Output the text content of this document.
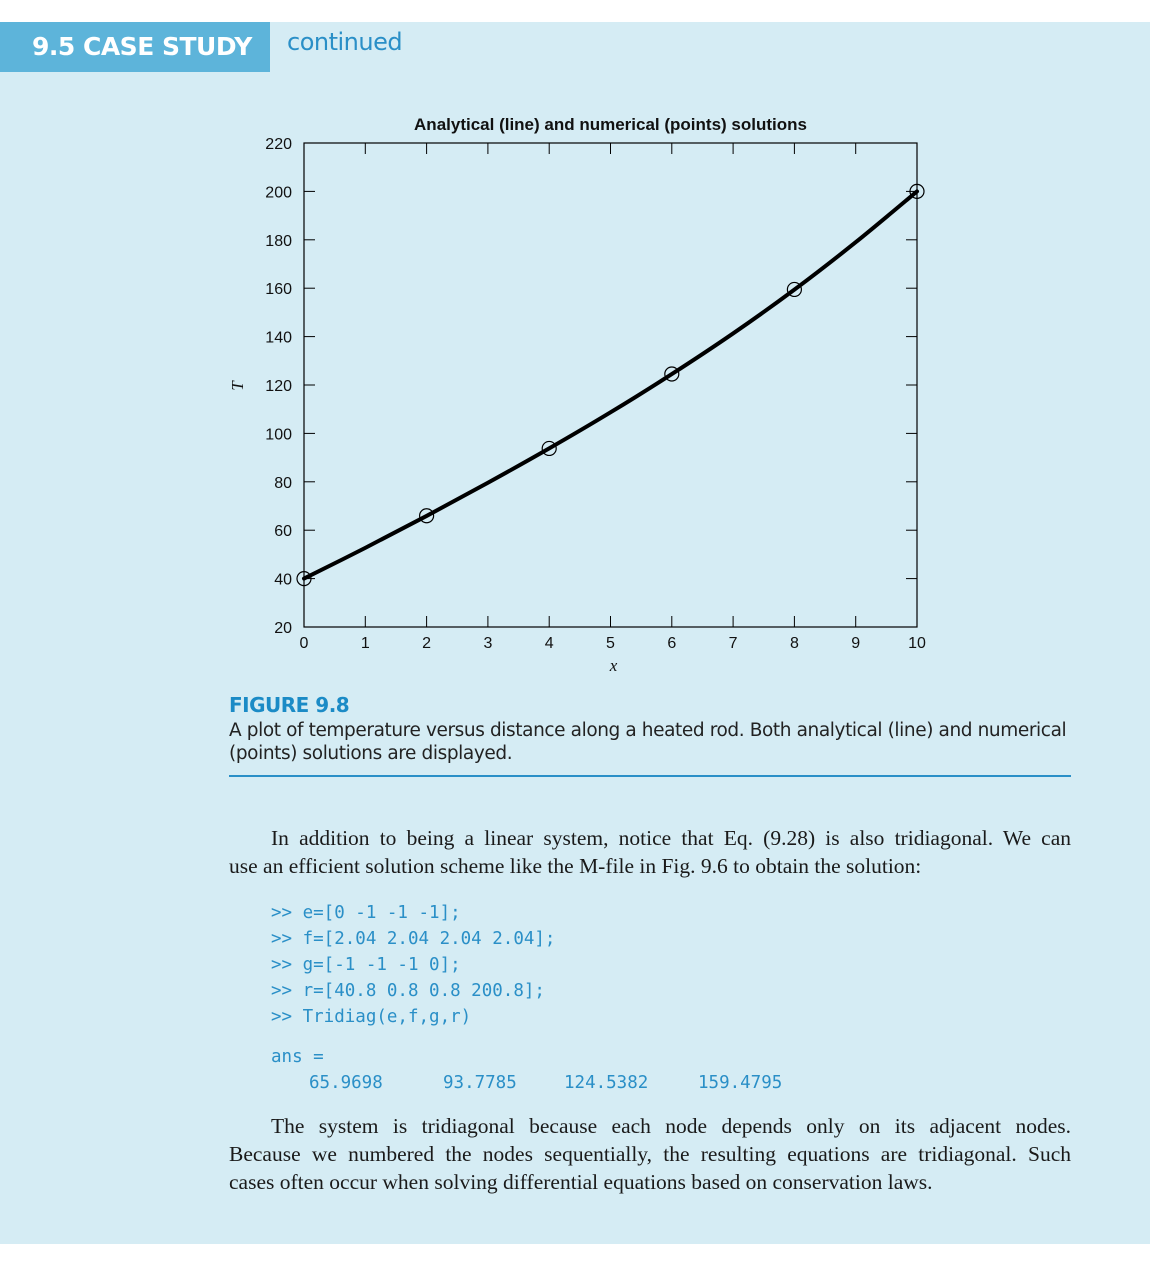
9.5 CASE STUDY	continued
0	1	2	3	4	5	6	7	8	9	10
20
40
60
80
100
120
140
160
180
200
220
Analytical (line) and numerical (points) solutions
x
T
FIGURE 9.8
A plot of temperature versus distance along a heated rod. Both analytical (line) and numerical
(points) solutions are displayed.
In addition to being a linear system, notice that Eq. (9.28) is also tridiagonal. We can
use an efficient solution scheme like the M-file in Fig. 9.6 to obtain the solution:
>> e=[0 -1 -1 -1];
>> f=[2.04 2.04 2.04 2.04];
>> g=[-1 -1 -1 0];
>> r=[40.8 0.8 0.8 200.8];
>> Tridiag(e,f,g,r)
ans =
65.9698	93.7785	124.5382	159.4795
The system is tridiagonal because each node depends only on its adjacent nodes.
Because we numbered the nodes sequentially, the resulting equations are tridiagonal. Such
cases often occur when solving differential equations based on conservation laws.
